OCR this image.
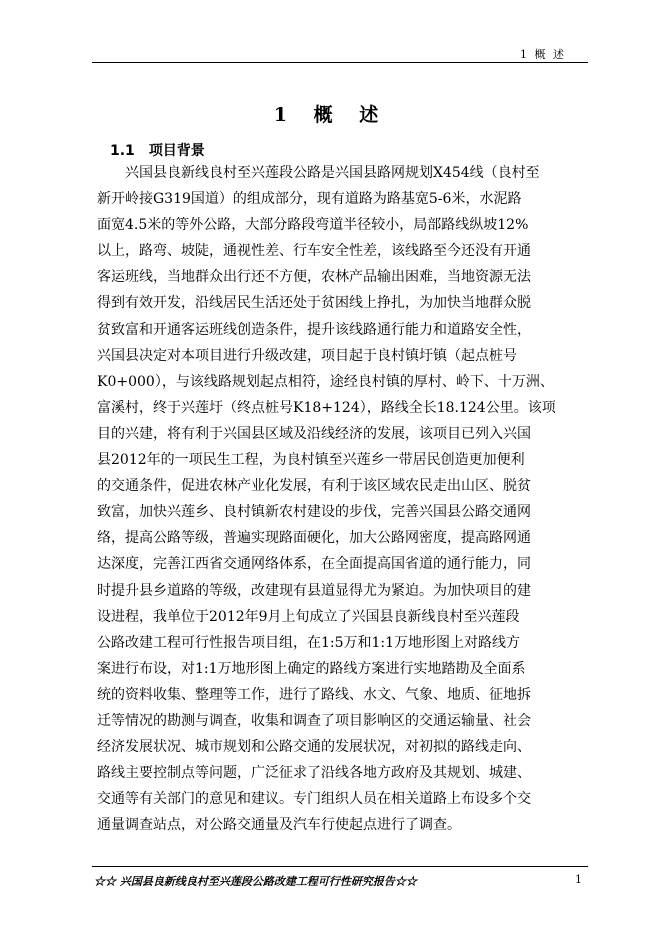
1 概 述
1 概 述
1.1 项目背景
兴国县良新线良村至兴莲段公路是兴国县路网规划X454线（良村至
新开岭接G319国道）的组成部分，现有道路为路基宽5-6米，水泥路
面宽4.5米的等外公路，大部分路段弯道半径较小，局部路线纵坡12%
以上，路弯、坡陡，通视性差、行车安全性差，该线路至今还没有开通
客运班线，当地群众出行还不方便，农林产品输出困难，当地资源无法
得到有效开发，沿线居民生活还处于贫困线上挣扎，为加快当地群众脱
贫致富和开通客运班线创造条件，提升该线路通行能力和道路安全性，
兴国县决定对本项目进行升级改建，项目起于良村镇圩镇（起点桩号
K0+000），与该线路规划起点相符，途经良村镇的厚村、岭下、十万洲、
富溪村，终于兴莲圩（终点桩号K18+124），路线全长18.124公里。该项
目的兴建，将有利于兴国县区域及沿线经济的发展，该项目已列入兴国
县2012年的一项民生工程，为良村镇至兴莲乡一带居民创造更加便利
的交通条件，促进农林产业化发展，有利于该区域农民走出山区、脱贫
致富，加快兴莲乡、良村镇新农村建设的步伐，完善兴国县公路交通网
络，提高公路等级，普遍实现路面硬化，加大公路网密度，提高路网通
达深度，完善江西省交通网络体系，在全面提高国省道的通行能力，同
时提升县乡道路的等级，改建现有县道显得尤为紧迫。为加快项目的建
设进程，我单位于2012年9月上旬成立了兴国县良新线良村至兴莲段
公路改建工程可行性报告项目组，在1:5万和1:1万地形图上对路线方
案进行布设，对1:1万地形图上确定的路线方案进行实地踏勘及全面系
统的资料收集、整理等工作，进行了路线、水文、气象、地质、征地拆
迁等情况的勘测与调查，收集和调查了项目影响区的交通运输量、社会
经济发展状况、城市规划和公路交通的发展状况，对初拟的路线走向、
路线主要控制点等问题，广泛征求了沿线各地方政府及其规划、城建、
交通等有关部门的意见和建议。专门组织人员在相关道路上布设多个交
通量调查站点，对公路交通量及汽车行使起点进行了调查。
☆☆ 兴国县良新线良村至兴莲段公路改建工程可行性研究报告☆☆	1
